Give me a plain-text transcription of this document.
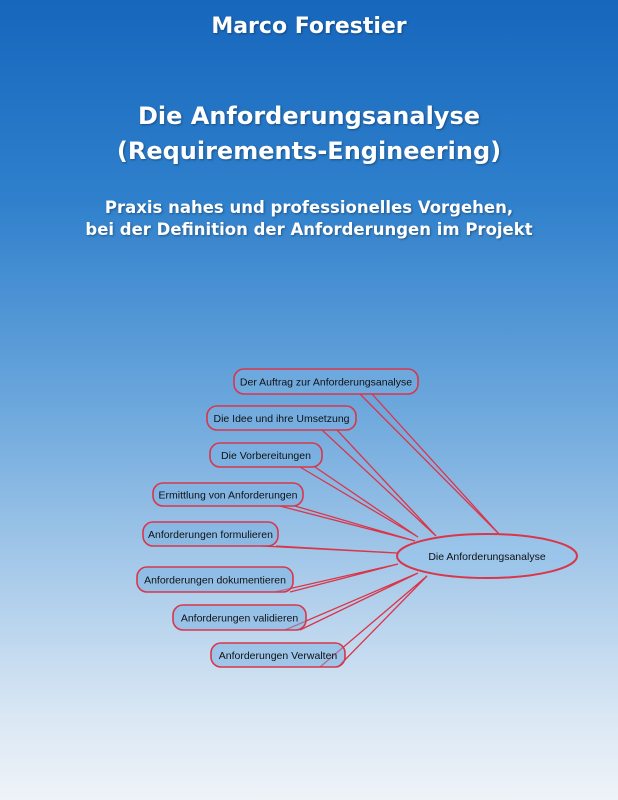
Marco Forestier
Die Anforderungsanalyse
(Requirements-Engineering)
Praxis nahes und professionelles Vorgehen,
bei der Definition der Anforderungen im Projekt
Die Anforderungsanalyse
Der Auftrag zur Anforderungsanalyse
Die Idee und ihre Umsetzung
Die Vorbereitungen
Ermittlung von Anforderungen
Anforderungen formulieren
Anforderungen dokumentieren
Anforderungen validieren
Anforderungen Verwalten
